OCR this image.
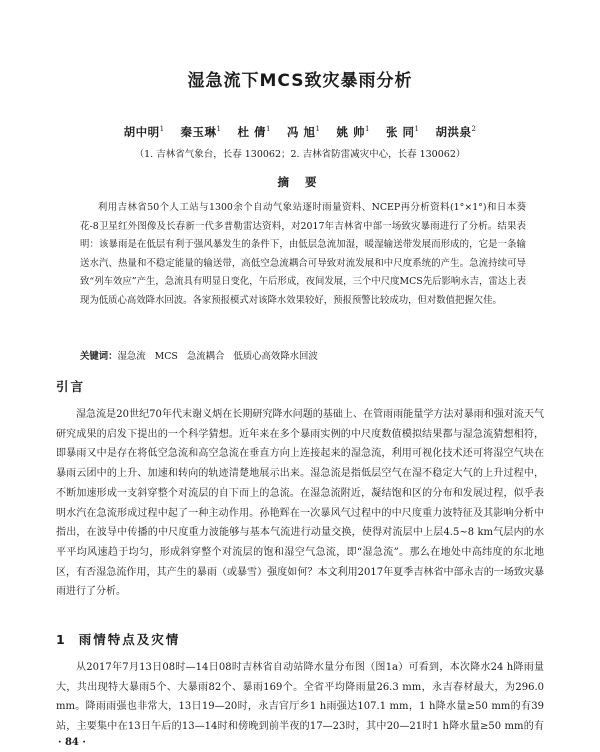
湿急流下MCS致灾暴雨分析
胡中明$^1$ 秦玉琳$^1$ 杜 倩$^1$ 冯 旭$^1$ 姚 帅$^1$ 张 同$^1$ 胡洪泉$^2$
（1. 吉林省气象台，长春 130062；2. 吉林省防雷减灾中心，长春 130062）
摘 要
利用吉林省50个人工站与1300余个自动气象站逐时雨量资料、NCEP再分析资料(1°×1°)和日本葵花-8卫星红外图像及长春新一代多普勒雷达资料，对2017年吉林省中部一场致灾暴雨进行了分析。结果表明：该暴雨是在低层有利于强风暴发生的条件下，由低层急流加湿，暖湿输送带发展而形成的，它是一条输送水汽、热量和不稳定能量的输送带，高低空急流耦合可导致对流发展和中尺度系统的产生。急流持续可导致“列车效应”产生，急流具有明显日变化，午后形成，夜间发展，三个中尺度MCS先后影响永吉，雷达上表现为低质心高效降水回波。各家预报模式对该降水效果较好，预报预警比较成功，但对数值把握欠佳。
关键词：湿急流 MCS 急流耦合 低质心高效降水回波
引言
湿急流是20世纪70年代末谢义炳在长期研究降水问题的基础上、在管雨雨能量学方法对暴雨和强对流天气研究成果的启发下提出的一个科学猜想。近年来在多个暴雨实例的中尺度数值模拟结果都与湿急流猜想相符，即暴雨又中是存在将低空急流和高空急流在垂直方向上连接起来的湿急流，利用可视化技术还可将湿空气块在暴雨云团中的上升、加速和转向的轨迹清楚地展示出来。湿急流是指低层空气在湿不稳定大气的上升过程中，不断加速形成一支斜穿整个对流层的自下而上的急流。在湿急流附近，凝结饱和区的分布和发展过程，似乎表明水汽在急流形成过程中起了一种主动作用。孙艳辉在一次暴风气过程中的中尺度重力波特征及其影响分析中指出，在波导中传播的中尺度重力波能够与基本气流进行动量交换，使得对流层中上层4.5~8 km气层内的水平平均风速趋于均匀，形成斜穿整个对流层的饱和湿空气急流，即“湿急流”。那么在地处中高纬度的东北地区，有否湿急流作用，其产生的暴雨（或暴雪）强度如何？本文利用2017年夏季吉林省中部永吉的一场致灾暴雨进行了分析。
1 雨情特点及灾情
从2017年7月13日08时—14日08时吉林省自动站降水量分布图（图1a）可看到，本次降水24 h降雨量大，共出现特大暴雨5个、大暴雨82个、暴雨169个。全省平均降雨量26.3 mm，永吉春材最大，为296.0 mm。降雨雨强也非常大，13日19—20时，永吉官厅乡1 h雨强达107.1 mm，1 h降水量≥50 mm的有39站，主要集中在13日午后的13—14时和傍晚到前半夜的17—23时，其中20—21时1 h降水量≥50 mm的有
· 84 ·
